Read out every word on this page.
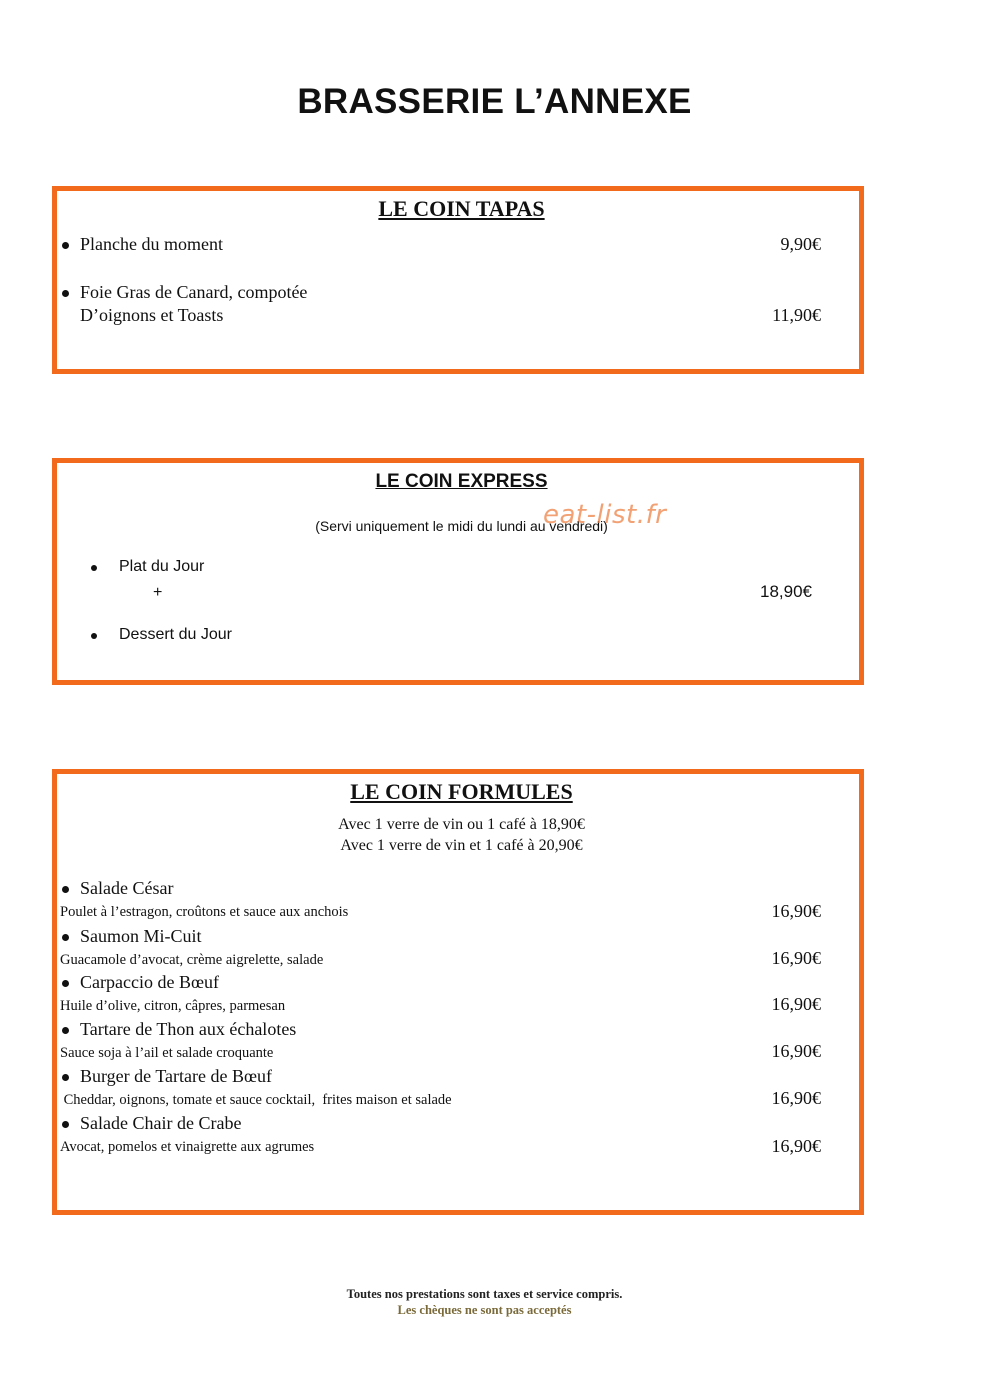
BRASSERIE L’ANNEXE
LE COIN TAPAS
Planche du moment	9,90€
Foie Gras de Canard, compotée
D’oignons et Toasts	11,90€
LE COIN EXPRESS
(Servi uniquement le midi du lundi au vendredi)
Plat du Jour
+	18,90€
Dessert du Jour
eat-list.fr
LE COIN FORMULES
Avec 1 verre de vin ou 1 café à 18,90€
Avec 1 verre de vin et 1 café à 20,90€
Salade César
Poulet à l’estragon, croûtons et sauce aux anchois	16,90€
Saumon Mi-Cuit
Guacamole d’avocat, crème aigrelette, salade	16,90€
Carpaccio de Bœuf
Huile d’olive, citron, câpres, parmesan	16,90€
Tartare de Thon aux échalotes
Sauce soja à l’ail et salade croquante	16,90€
Burger de Tartare de Bœuf
Cheddar, oignons, tomate et sauce cocktail,  frites maison et salade	16,90€
Salade Chair de Crabe
Avocat, pomelos et vinaigrette aux agrumes	16,90€
Toutes nos prestations sont taxes et service compris.
Les chèques ne sont pas acceptés
